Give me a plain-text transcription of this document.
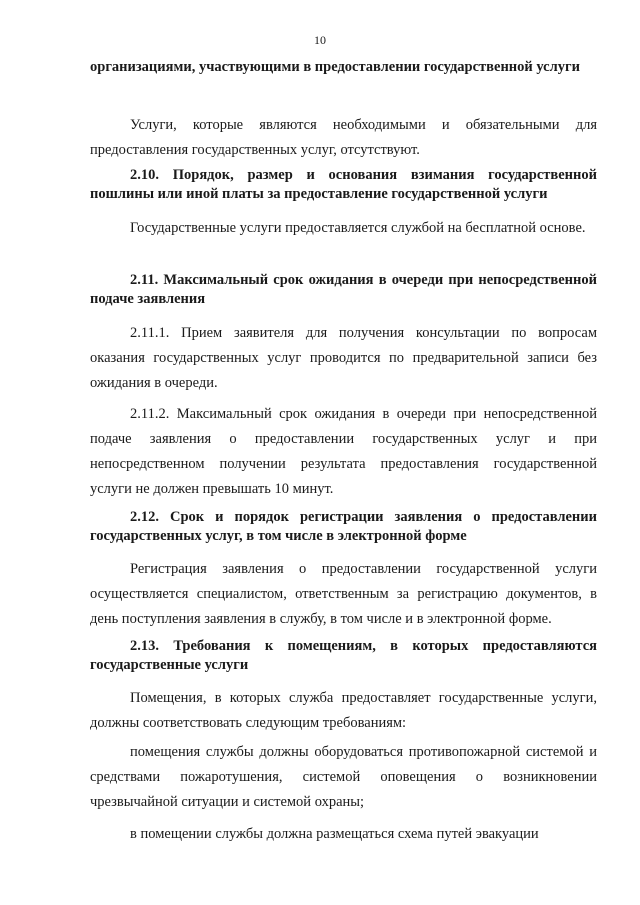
10

организациями, участвующими в предоставлении государственной услуги

Услуги, которые являются необходимыми и обязательными для предоставления государственных услуг, отсутствуют.

2.10. Порядок, размер и основания взимания государственной пошлины или иной платы за предоставление государственной услуги

Государственные услуги предоставляется службой на бесплатной основе.

2.11. Максимальный срок ожидания в очереди при непосредственной подаче заявления

2.11.1. Прием заявителя для получения консультации по вопросам оказания государственных услуг проводится по предварительной записи без ожидания в очереди.

2.11.2. Максимальный срок ожидания в очереди при непосредственной подаче заявления о предоставлении государственных услуг и при непосредственном получении результата предоставления государственной услуги не должен превышать 10 минут.

2.12. Срок и порядок регистрации заявления о предоставлении государственных услуг, в том числе в электронной форме

Регистрация заявления о предоставлении государственной услуги осуществляется специалистом, ответственным за регистрацию документов, в день поступления заявления в службу, в том числе и в электронной форме.

2.13. Требования к помещениям, в которых предоставляются государственные услуги

Помещения, в которых служба предоставляет государственные услуги, должны соответствовать следующим требованиям:

помещения службы должны оборудоваться противопожарной системой и средствами пожаротушения, системой оповещения о возникновении чрезвычайной ситуации и системой охраны;

в помещении службы должна размещаться схема путей эвакуации
